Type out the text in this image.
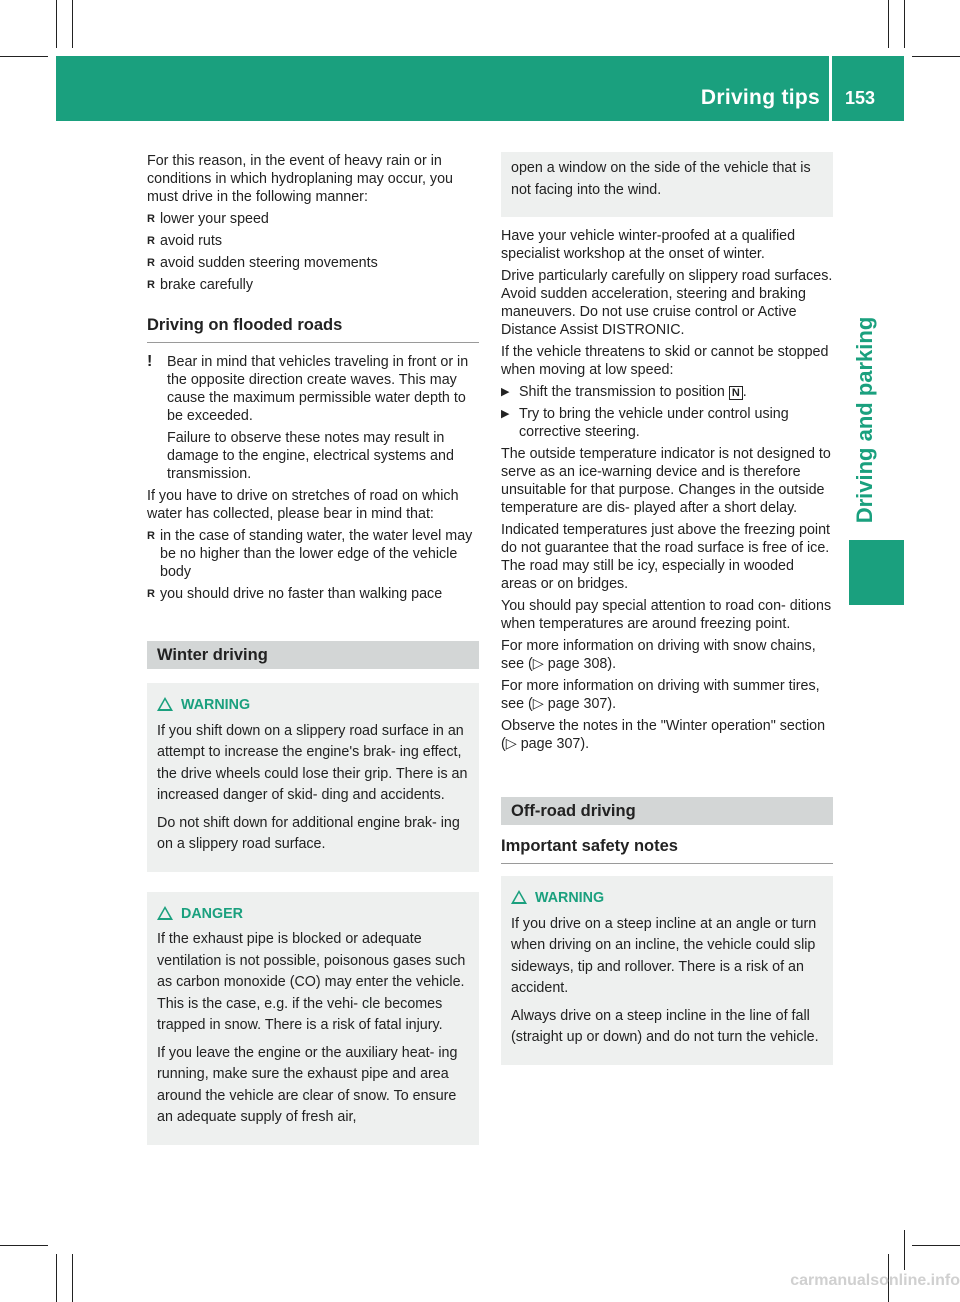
Driving tips 153
Driving and parking

For this reason, in the event of heavy rain or in conditions in which hydroplaning may occur, you must drive in the following manner:

R lower your speed
R avoid ruts
R avoid sudden steering movements
R brake carefully
Driving on flooded roads
! Bear in mind that vehicles traveling in front or in the opposite direction create waves. This may cause the maximum permissible water depth to be exceeded.

Failure to observe these notes may result in damage to the engine, electrical systems and transmission.

If you have to drive on stretches of road on which water has collected, please bear in mind that:

R in the case of standing water, the water level may be no higher than the lower edge of the vehicle body
R you should drive no faster than walking pace
Winter driving
WARNING

If you shift down on a slippery road surface in an attempt to increase the engine's brak- ing effect, the drive wheels could lose their grip. There is an increased danger of skid- ding and accidents.

Do not shift down for additional engine brak- ing on a slippery road surface.

DANGER

If the exhaust pipe is blocked or adequate ventilation is not possible, poisonous gases such as carbon monoxide (CO) may enter the vehicle. This is the case, e.g. if the vehi- cle becomes trapped in snow. There is a risk of fatal injury.

If you leave the engine or the auxiliary heat- ing running, make sure the exhaust pipe and area around the vehicle are clear of snow. To ensure an adequate supply of fresh air,

open a window on the side of the vehicle that is not facing into the wind.

Have your vehicle winter-proofed at a qualified specialist workshop at the onset of winter.

Drive particularly carefully on slippery road surfaces. Avoid sudden acceleration, steering and braking maneuvers. Do not use cruise control or Active Distance Assist DISTRONIC.

If the vehicle threatens to skid or cannot be stopped when moving at low speed:

▶ Shift the transmission to position N .
▶ Try to bring the vehicle under control using corrective steering.

The outside temperature indicator is not designed to serve as an ice-warning device and is therefore unsuitable for that purpose. Changes in the outside temperature are dis- played after a short delay.

Indicated temperatures just above the freezing point do not guarantee that the road surface is free of ice. The road may still be icy, especially in wooded areas or on bridges.

You should pay special attention to road con- ditions when temperatures are around freezing point.

For more information on driving with snow chains, see (▷ page 308).

For more information on driving with summer tires, see (▷ page 307).

Observe the notes in the "Winter operation" section (▷ page 307).

Off-road driving
Important safety notes
WARNING

If you drive on a steep incline at an angle or turn when driving on an incline, the vehicle could slip sideways, tip and rollover. There is a risk of an accident.

Always drive on a steep incline in the line of fall (straight up or down) and do not turn the vehicle.

carmanualsonline.info
